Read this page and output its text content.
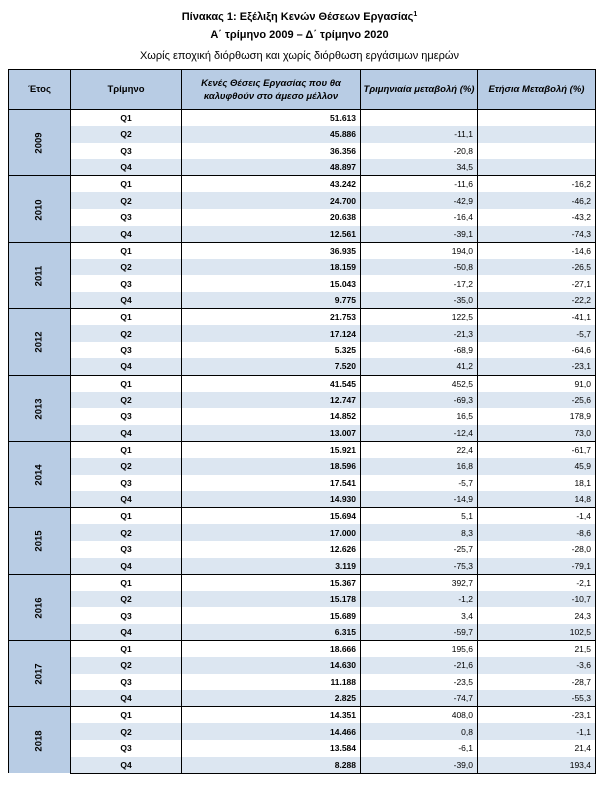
Πίνακας 1: Εξέλιξη Κενών Θέσεων Εργασίας$^1$
Α΄ τρίμηνο 2009 – Δ΄ τρίμηνο 2020
Χωρίς εποχική διόρθωση και χωρίς διόρθωση εργάσιμων ημερών
Έτος	Τρίμηνο	Κενές Θέσεις Εργασίας που θα καλυφθούν στο άμεσο μέλλον	Τριμηνιαία μεταβολή (%)	Ετήσια Μεταβολή (%)
2009	Q1	51.613		
	Q2	45.886	-11,1	
	Q3	36.356	-20,8	
	Q4	48.897	34,5	
2010	Q1	43.242	-11,6	-16,2
	Q2	24.700	-42,9	-46,2
	Q3	20.638	-16,4	-43,2
	Q4	12.561	-39,1	-74,3
2011	Q1	36.935	194,0	-14,6
	Q2	18.159	-50,8	-26,5
	Q3	15.043	-17,2	-27,1
	Q4	9.775	-35,0	-22,2
2012	Q1	21.753	122,5	-41,1
	Q2	17.124	-21,3	-5,7
	Q3	5.325	-68,9	-64,6
	Q4	7.520	41,2	-23,1
2013	Q1	41.545	452,5	91,0
	Q2	12.747	-69,3	-25,6
	Q3	14.852	16,5	178,9
	Q4	13.007	-12,4	73,0
2014	Q1	15.921	22,4	-61,7
	Q2	18.596	16,8	45,9
	Q3	17.541	-5,7	18,1
	Q4	14.930	-14,9	14,8
2015	Q1	15.694	5,1	-1,4
	Q2	17.000	8,3	-8,6
	Q3	12.626	-25,7	-28,0
	Q4	3.119	-75,3	-79,1
2016	Q1	15.367	392,7	-2,1
	Q2	15.178	-1,2	-10,7
	Q3	15.689	3,4	24,3
	Q4	6.315	-59,7	102,5
2017	Q1	18.666	195,6	21,5
	Q2	14.630	-21,6	-3,6
	Q3	11.188	-23,5	-28,7
	Q4	2.825	-74,7	-55,3
2018	Q1	14.351	408,0	-23,1
	Q2	14.466	0,8	-1,1
	Q3	13.584	-6,1	21,4
	Q4	8.288	-39,0	193,4
